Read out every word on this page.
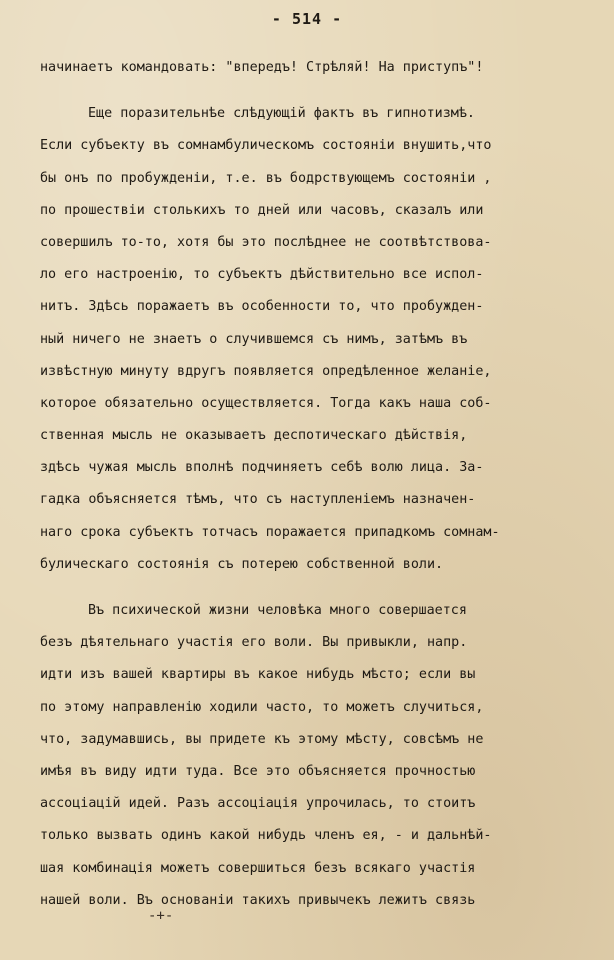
- 514 -
начинаетъ командовать: "впередъ! Стрѣляй! На приступъ"!
Еще поразительнѣе слѣдующій фактъ въ гипнотизмѣ.
Если субъекту въ сомнамбулическомъ состояніи внушить,что
бы онъ по пробужденіи, т.е. въ бодрствующемъ состояніи ,
по прошествіи столькихъ то дней или часовъ, сказалъ или
совершилъ то-то, хотя бы это послѣднее не соотвѣтствова-
ло его настроенію, то субъектъ дѣйствительно все испол-
нитъ. Здѣсь поражаетъ въ особенности то, что пробужден-
ный ничего не знаетъ о случившемся съ нимъ, затѣмъ въ
извѣстную минуту вдругъ появляется опредѣленное желаніе,
которое обязательно осуществляется. Тогда какъ наша соб-
ственная мысль не оказываетъ деспотическаго дѣйствія,
здѣсь чужая мысль вполнѣ подчиняетъ себѣ волю лица. За-
гадка объясняется тѣмъ, что съ наступленіемъ назначен-
наго срока субъектъ тотчасъ поражается припадкомъ сомнам-
булическаго состоянія съ потерею собственной воли.
Въ психической жизни человѣка много совершается
безъ дѣятельнаго участія его воли. Вы привыкли, напр.
идти изъ вашей квартиры въ какое нибудь мѣсто; если вы
по этому направленію ходили часто, то можетъ случиться,
что, задумавшись, вы придете къ этому мѣсту, совсѣмъ не
имѣя въ виду идти туда. Все это объясняется прочностью
ассоціацій идей. Разъ ассоціація упрочилась, то стоитъ
только вызвать одинъ какой нибудь членъ ея, - и дальнѣй-
шая комбинація можетъ совершиться безъ всякаго участія
нашей воли. Въ основаніи такихъ привычекъ лежитъ связь
-+-
